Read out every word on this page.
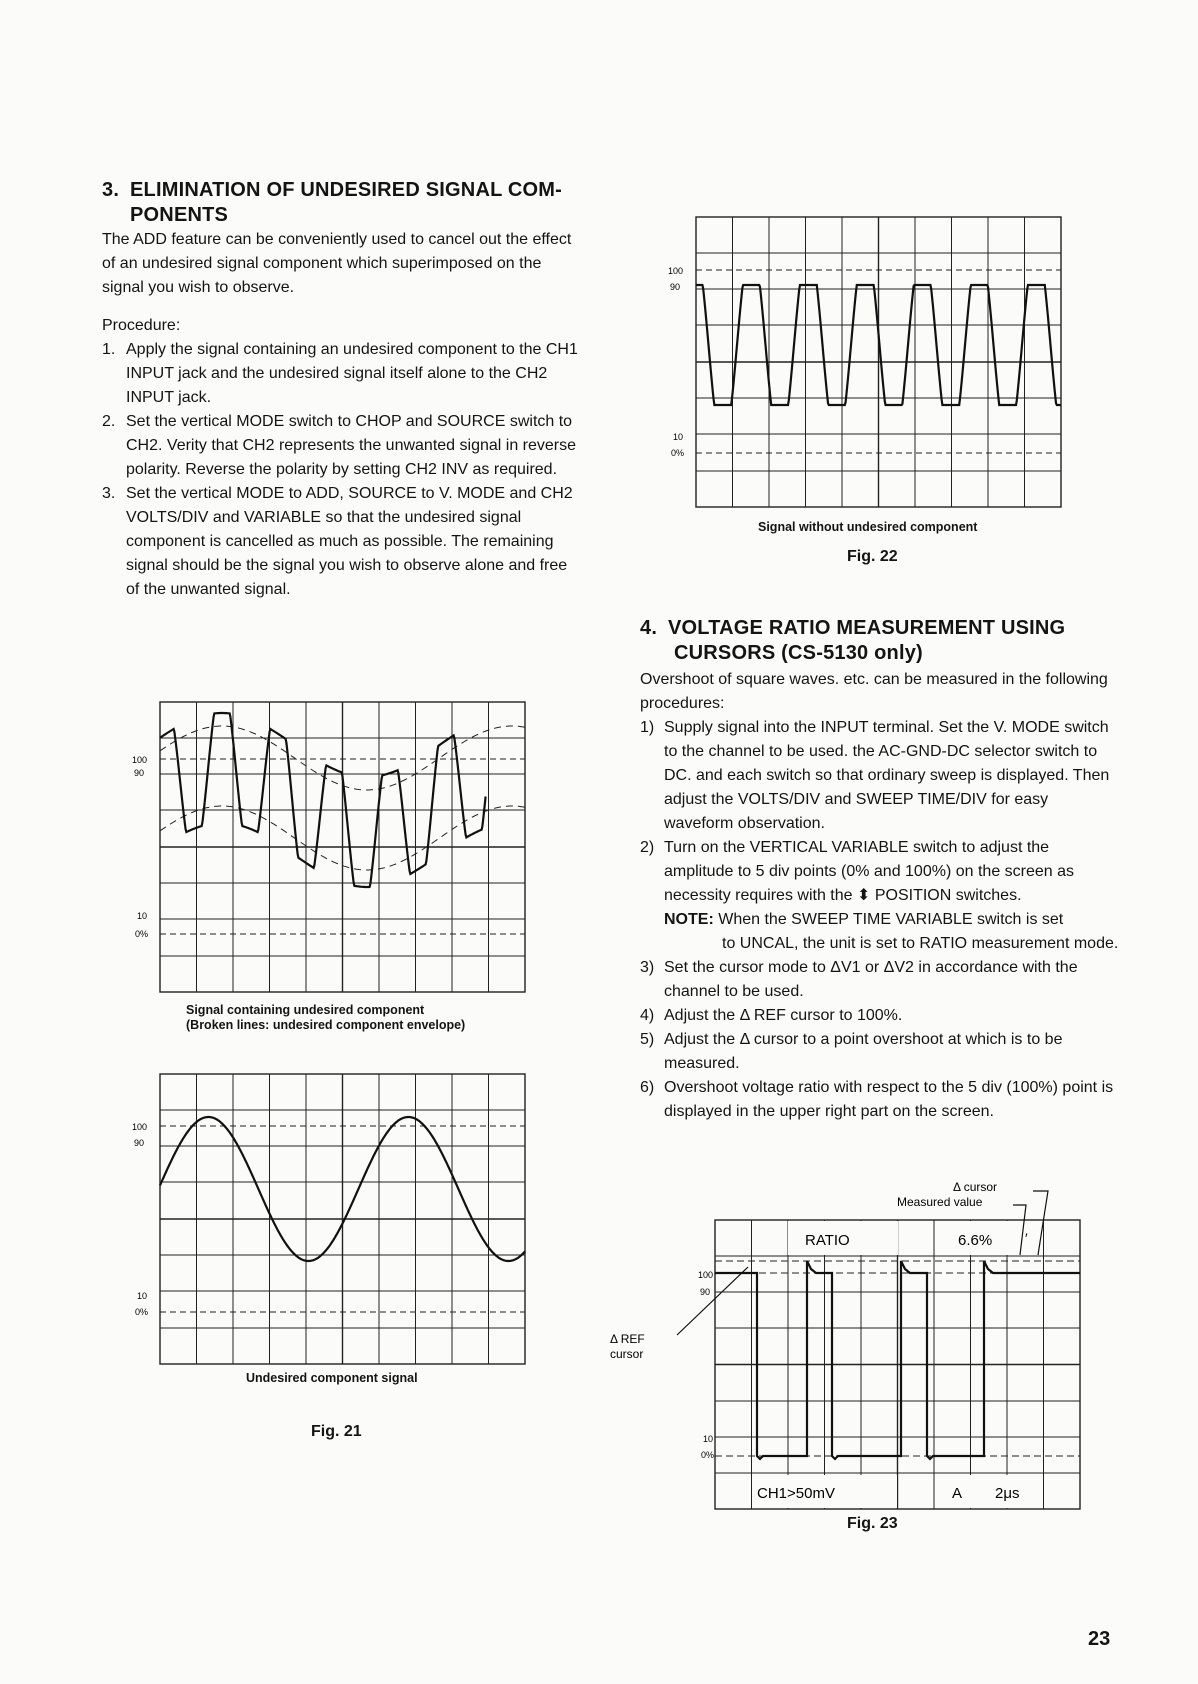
3. ELIMINATION OF UNDESIRED SIGNAL COM-
PONENTS

The ADD feature can be conveniently used to cancel out the effect of an undesired signal component which superimposed on the signal you wish to observe.

Procedure:

1. Apply the signal containing an undesired component to the CH1 INPUT jack and the undesired signal itself alone to the CH2 INPUT jack.
2. Set the vertical MODE switch to CHOP and SOURCE switch to CH2. Verity that CH2 represents the unwanted signal in reverse polarity. Reverse the polarity by setting CH2 INV as required.
3. Set the vertical MODE to ADD, SOURCE to V. MODE and CH2 VOLTS/DIV and VARIABLE so that the undesired signal component is cancelled as much as possible. The remaining signal should be the signal you wish to observe alone and free of the unwanted signal.
100
90
10
0%
Signal containing undesired component
(Broken lines: undesired component envelope)
100
90
10
0%
Undesired component signal
Fig. 21
100
90
10
0%
Signal without undesired component
Fig. 22
4. VOLTAGE RATIO MEASUREMENT USING
CURSORS (CS-5130 only)

Overshoot of square waves. etc. can be measured in the following procedures:

1) Supply signal into the INPUT terminal. Set the V. MODE switch to the channel to be used. the AC-GND-DC selector switch to DC. and each switch so that ordinary sweep is displayed. Then adjust the VOLTS/DIV and SWEEP TIME/DIV for easy waveform observation.
2) Turn on the VERTICAL VARIABLE switch to adjust the amplitude to 5 div points (0% and 100%) on the screen as necessity requires with the ⬍ POSITION switches.
NOTE: When the SWEEP TIME VARIABLE switch is set
to UNCAL, the unit is set to RATIO measurement mode.
3) Set the cursor mode to ΔV1 or ΔV2 in accordance with the channel to be used.
4) Adjust the Δ REF cursor to 100%.
5) Adjust the Δ cursor to a point overshoot at which is to be measured.
6) Overshoot voltage ratio with respect to the 5 div (100%) point is displayed in the upper right part on the screen.
RATIO	6.6% ′
CH1>50mV	A 2μs
100
90
10
0%
Δ cursor
Measured value
Δ REF
cursor
Fig. 23
23
